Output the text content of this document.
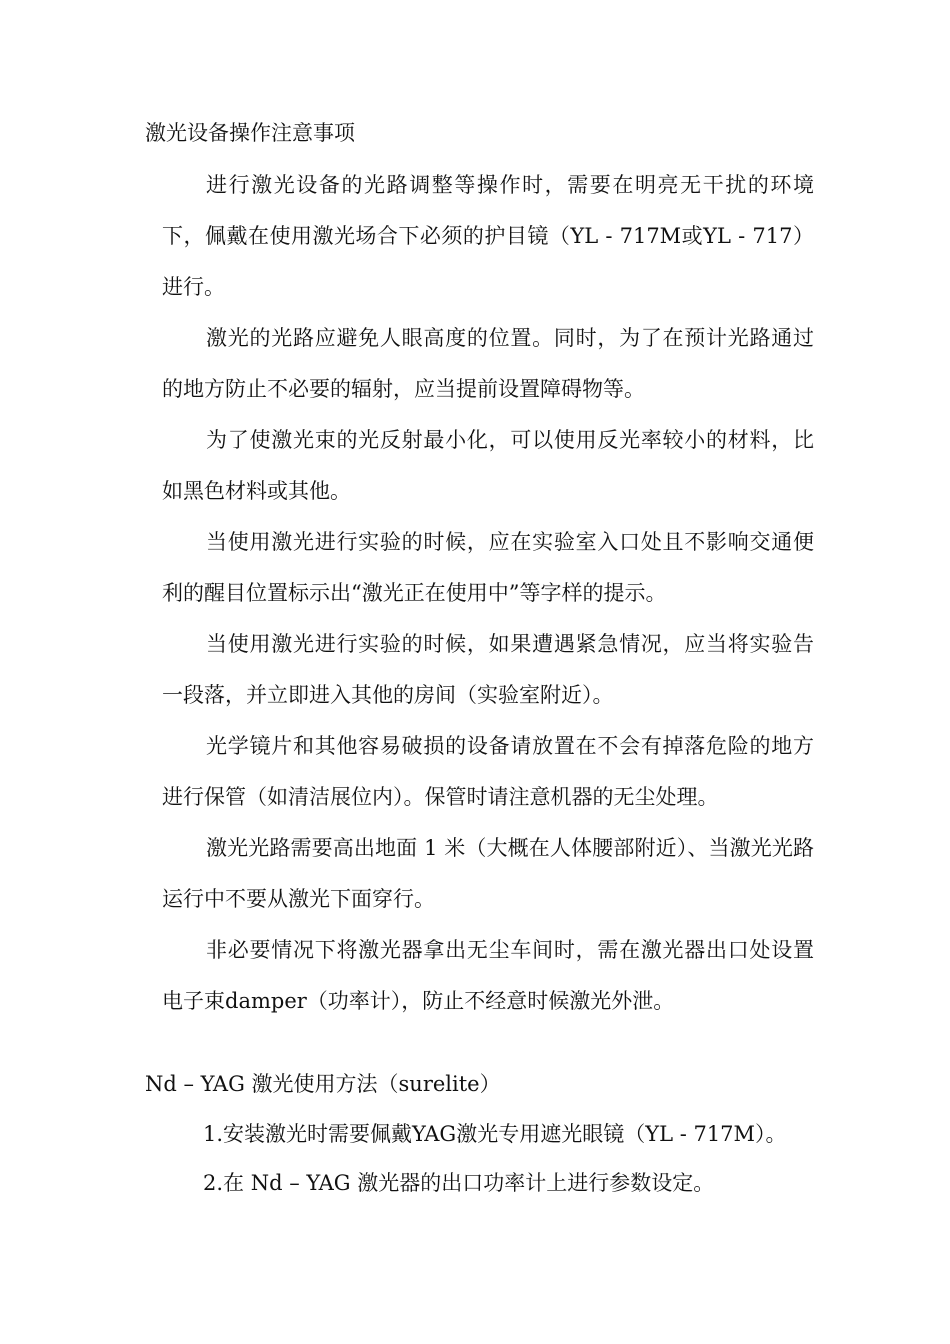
激光设备操作注意事项

进行激光设备的光路调整等操作时，需要在明亮无干扰的环境下，佩戴在使用激光场合下必须的护目镜（YL - 717M或YL - 717）进行。

激光的光路应避免人眼高度的位置。同时，为了在预计光路通过的地方防止不必要的辐射，应当提前设置障碍物等。

为了使激光束的光反射最小化，可以使用反光率较小的材料，比如黑色材料或其他。

当使用激光进行实验的时候，应在实验室入口处且不影响交通便利的醒目位置标示出“激光正在使用中”等字样的提示。

当使用激光进行实验的时候，如果遭遇紧急情况，应当将实验告一段落，并立即进入其他的房间（实验室附近）。

光学镜片和其他容易破损的设备请放置在不会有掉落危险的地方进行保管（如清洁展位内）。保管时请注意机器的无尘处理。

激光光路需要高出地面 1 米（大概在人体腰部附近）、当激光光路运行中不要从激光下面穿行。

非必要情况下将激光器拿出无尘车间时，需在激光器出口处设置电子束damper（功率计），防止不经意时候激光外泄。

Nd – YAG 激光使用方法（surelite）
1.安装激光时需要佩戴YAG激光专用遮光眼镜（YL - 717M）。
2.在 Nd – YAG 激光器的出口功率计上进行参数设定。
